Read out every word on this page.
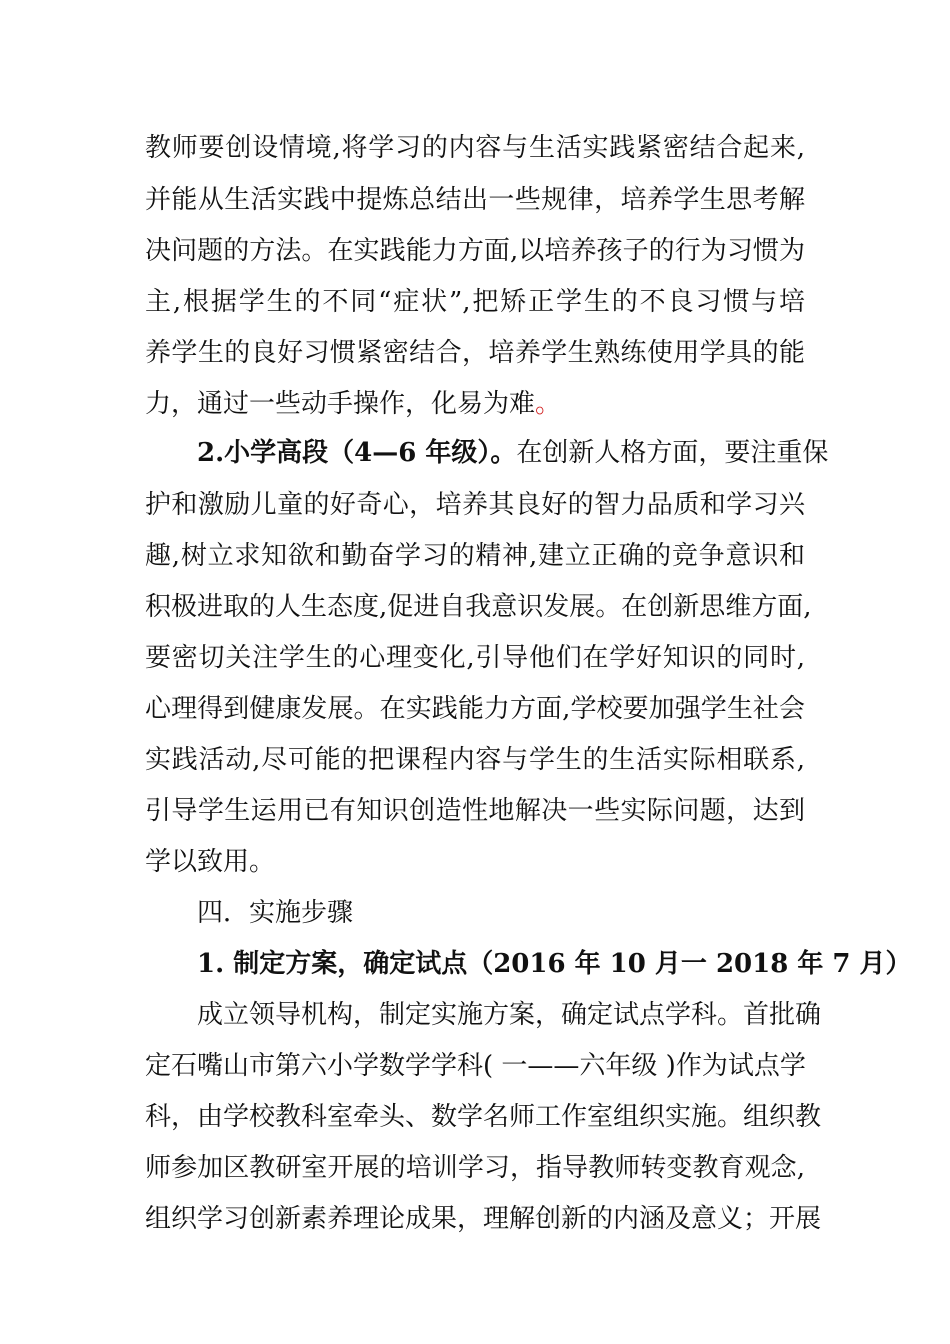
教师要创设情境,将学习的内容与生活实践紧密结合起来,
并能从生活实践中提炼总结出一些规律，培养学生思考解
决问题的方法。在实践能力方面,以培养孩子的行为习惯为
主,根据学生的不同“症状”,把矫正学生的不良习惯与培
养学生的良好习惯紧密结合，培养学生熟练使用学具的能
力，通过一些动手操作，化易为难。
2.小学高段（4—6 年级）。在创新人格方面，要注重保
护和激励儿童的好奇心，培养其良好的智力品质和学习兴
趣,树立求知欲和勤奋学习的精神,建立正确的竞争意识和
积极进取的人生态度,促进自我意识发展。在创新思维方面,
要密切关注学生的心理变化,引导他们在学好知识的同时,
心理得到健康发展。在实践能力方面,学校要加强学生社会
实践活动,尽可能的把课程内容与学生的生活实际相联系,
引导学生运用已有知识创造性地解决一些实际问题，达到
学以致用。
四．实施步骤
1. 制定方案，确定试点（2016 年 10 月一 2018 年 7 月）
成立领导机构，制定实施方案，确定试点学科。首批确
定石嘴山市第六小学数学学科( 一——六年级 )作为试点学
科，由学校教科室牵头、数学名师工作室组织实施。组织教
师参加区教研室开展的培训学习，指导教师转变教育观念,
组织学习创新素养理论成果，理解创新的内涵及意义；开展
